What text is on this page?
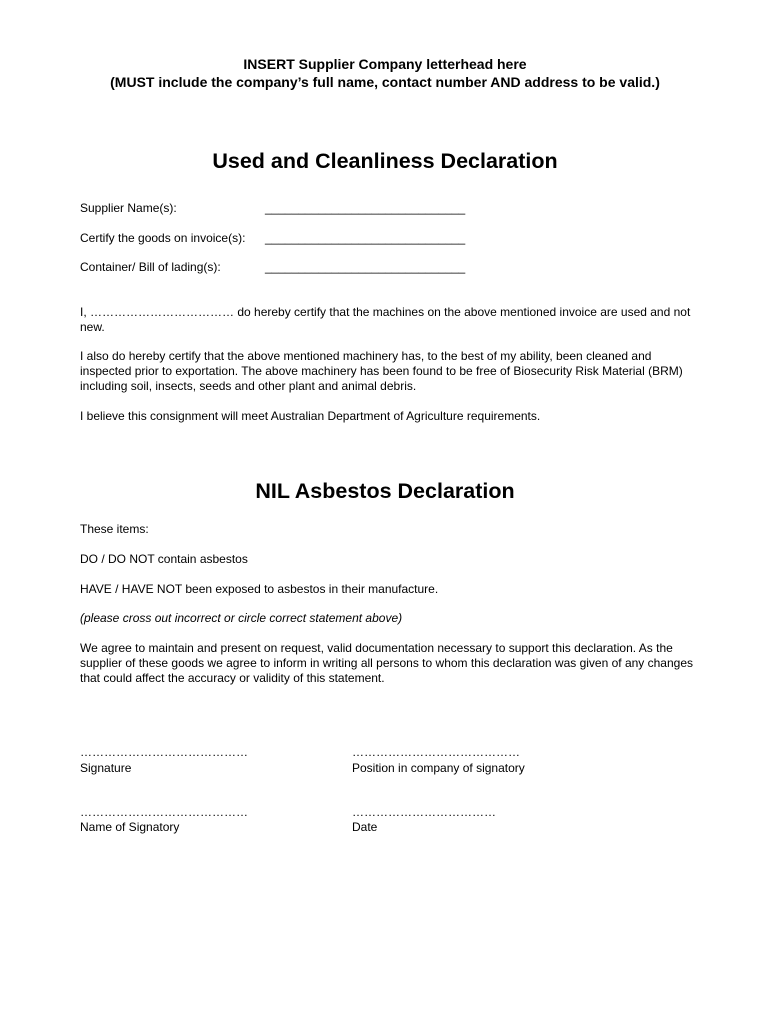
INSERT Supplier Company letterhead here
(MUST include the company’s full name, contact number AND address to be valid.)
Used and Cleanliness Declaration
Supplier Name(s):	______________________________
Certify the goods on invoice(s): ______________________________
Container/ Bill of lading(s):	______________________________
I, ……………………………… do hereby certify that the machines on the above mentioned invoice are used and not new.
I also do hereby certify that the above mentioned machinery has, to the best of my ability, been cleaned and inspected prior to exportation. The above machinery has been found to be free of Biosecurity Risk Material (BRM) including soil, insects, seeds and other plant and animal debris.
I believe this consignment will meet Australian Department of Agriculture requirements.
NIL Asbestos Declaration
These items:
DO / DO NOT contain asbestos
HAVE / HAVE NOT been exposed to asbestos in their manufacture.
(please cross out incorrect or circle correct statement above)
We agree to maintain and present on request, valid documentation necessary to support this declaration. As the supplier of these goods we agree to inform in writing all persons to whom this declaration was given of any changes that could affect the accuracy or validity of this statement.
……………………………………
Signature
……………………………………
Position in company of signatory
……………………………………
Name of Signatory
………………………………
Date
